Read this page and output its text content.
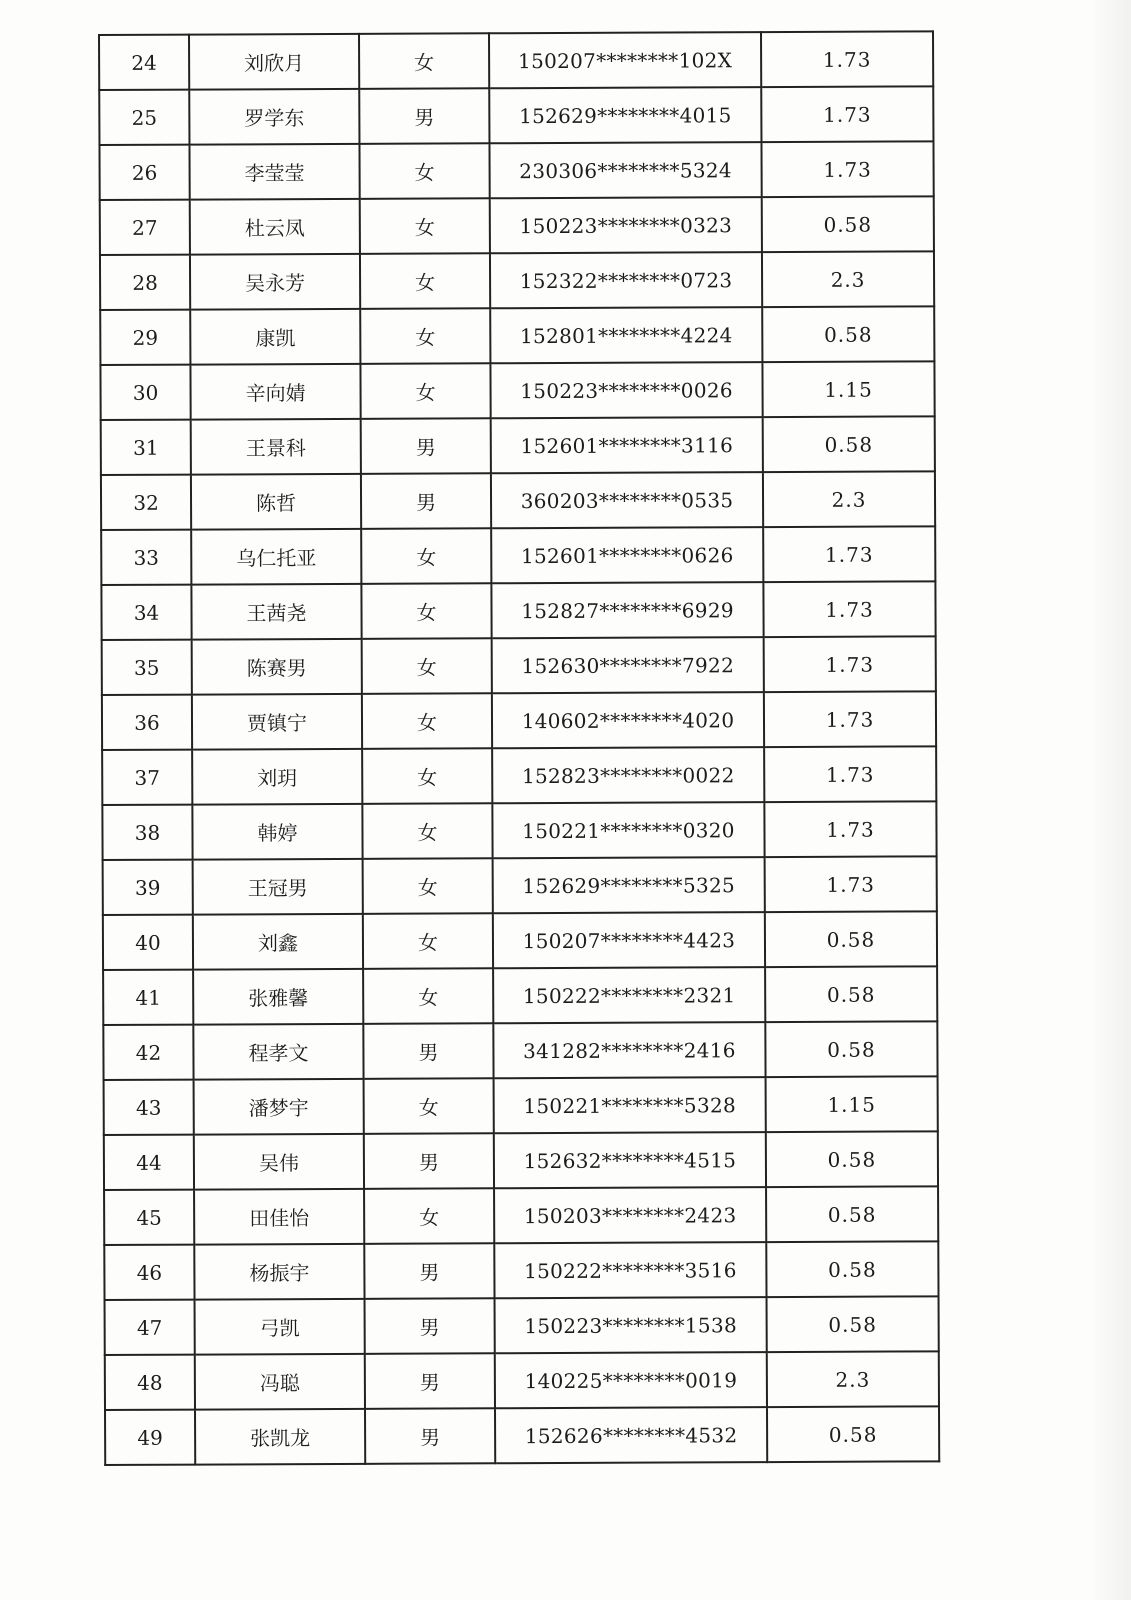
24	刘欣月	女	150207********102X	1.73
25	罗学东	男	152629********4015	1.73
26	李莹莹	女	230306********5324	1.73
27	杜云凤	女	150223********0323	0.58
28	吴永芳	女	152322********0723	2.3
29	康凯	女	152801********4224	0.58
30	辛向婧	女	150223********0026	1.15
31	王景科	男	152601********3116	0.58
32	陈哲	男	360203********0535	2.3
33	乌仁托亚	女	152601********0626	1.73
34	王茜尧	女	152827********6929	1.73
35	陈赛男	女	152630********7922	1.73
36	贾镇宁	女	140602********4020	1.73
37	刘玥	女	152823********0022	1.73
38	韩婷	女	150221********0320	1.73
39	王冠男	女	152629********5325	1.73
40	刘鑫	女	150207********4423	0.58
41	张雅馨	女	150222********2321	0.58
42	程孝文	男	341282********2416	0.58
43	潘梦宇	女	150221********5328	1.15
44	吴伟	男	152632********4515	0.58
45	田佳怡	女	150203********2423	0.58
46	杨振宇	男	150222********3516	0.58
47	弓凯	男	150223********1538	0.58
48	冯聪	男	140225********0019	2.3
49	张凯龙	男	152626********4532	0.58
